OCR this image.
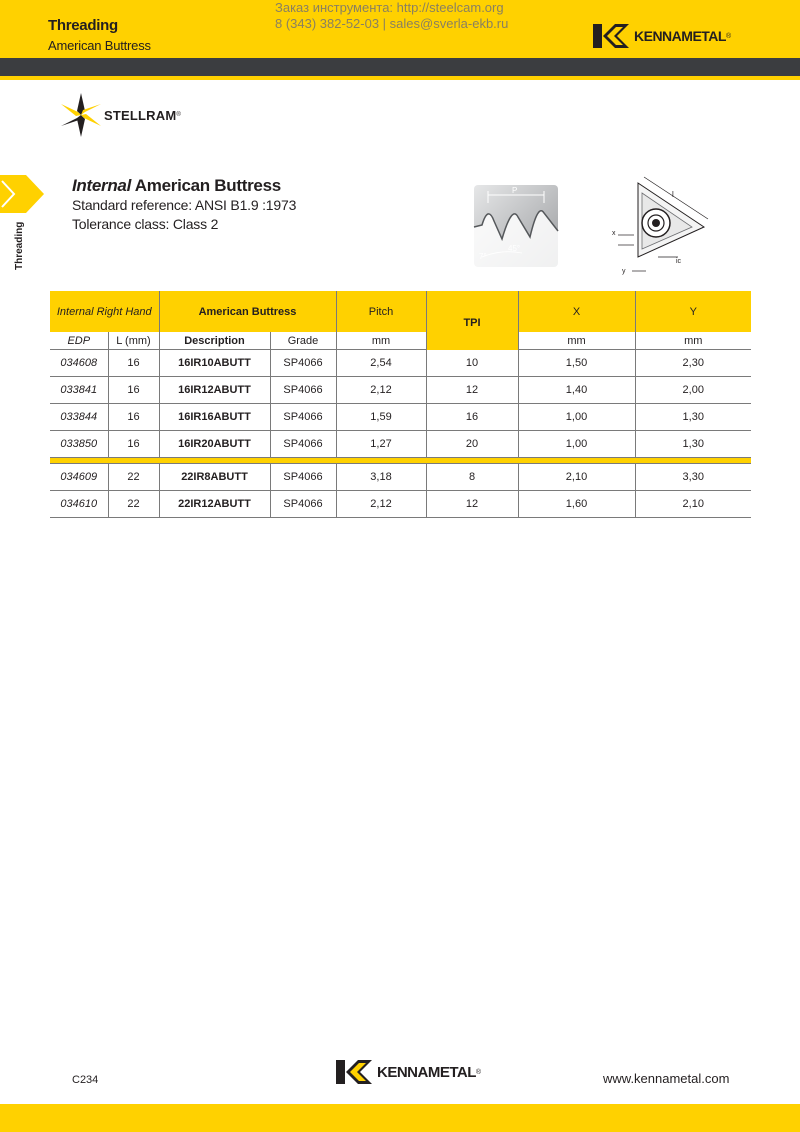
Threading
American Buttress
Заказ инструмента: http://steelcam.org
8 (343) 382-52-03 | sales@sverla-ekb.ru
KENNAMETAL ®
STELLRAM ®
Threading
Internal American Buttress
Standard reference: ANSI B1.9 :1973
Tolerance class: Class 2
P
7°
45°
l
x
y
ic
Internal Right Hand		American Buttress		Pitch	TPI	X	Y
EDP	L (mm)	Description	Grade	mm		mm	mm
034608	16	16IR10ABUTT	SP4066	2,54	10	1,50	2,30
033841	16	16IR12ABUTT	SP4066	2,12	12	1,40	2,00
033844	16	16IR16ABUTT	SP4066	1,59	16	1,00	1,30
033850	16	16IR20ABUTT	SP4066	1,27	20	1,00	1,30

034609	22	22IR8ABUTT	SP4066	3,18	8	2,10	3,30
034610	22	22IR12ABUTT	SP4066	2,12	12	1,60	2,10
C234	KENNAMETAL ®	www.kennametal.com
